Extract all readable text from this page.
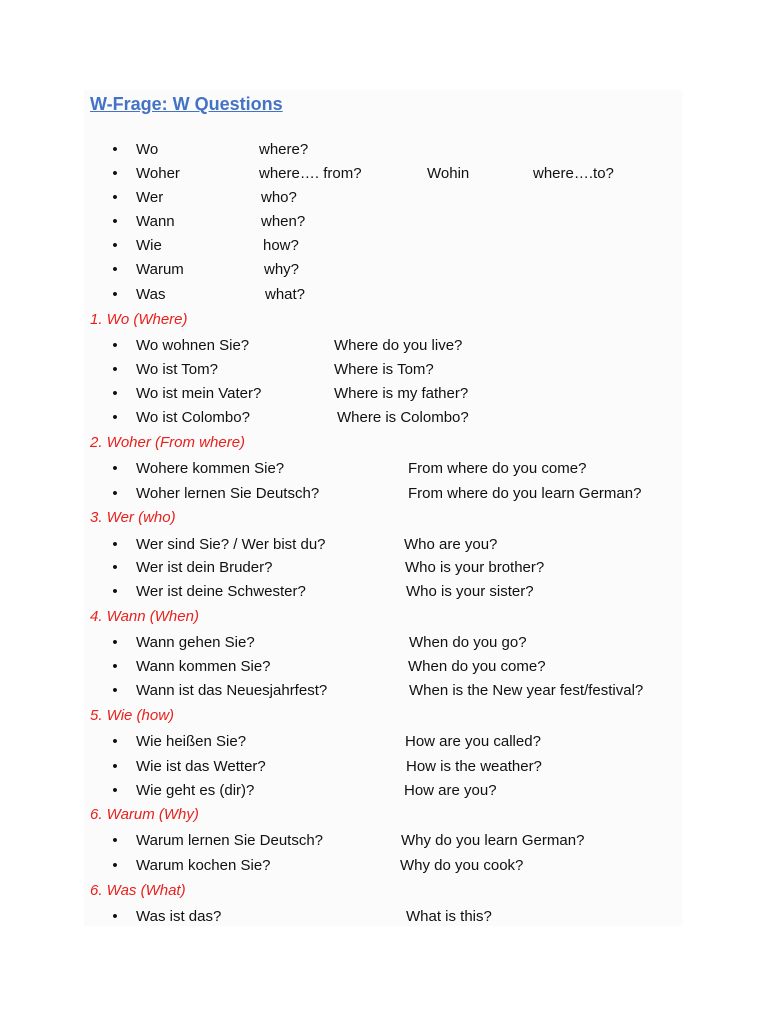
W-Frage: W Questions
• Wo	where?
• Woher	where…. from?	Wohin	where….to?
• Wer	who?
• Wann	when?
• Wie	how?
• Warum	why?
• Was	what?
1. Wo (Where)
• Wo wohnen Sie?	Where do you live?
• Wo ist Tom?	Where is Tom?
• Wo ist mein Vater?	Where is my father?
• Wo ist Colombo?	Where is Colombo?
2. Woher (From where)
• Wohere kommen Sie?	From where do you come?
• Woher lernen Sie Deutsch?	From where do you learn German?
3. Wer (who)
• Wer sind Sie? / Wer bist du?	Who are you?
• Wer ist dein Bruder?	Who is your brother?
• Wer ist deine Schwester?	Who is your sister?
4. Wann (When)
• Wann gehen Sie?	When do you go?
• Wann kommen Sie?	When do you come?
• Wann ist das Neuesjahrfest?	When is the New year fest/festival?
5. Wie (how)
• Wie heißen Sie?	How are you called?
• Wie ist das Wetter?	How is the weather?
• Wie geht es (dir)?	How are you?
6. Warum (Why)
• Warum lernen Sie Deutsch?	Why do you learn German?
• Warum kochen Sie?	Why do you cook?
6. Was (What)
• Was ist das?	What is this?
